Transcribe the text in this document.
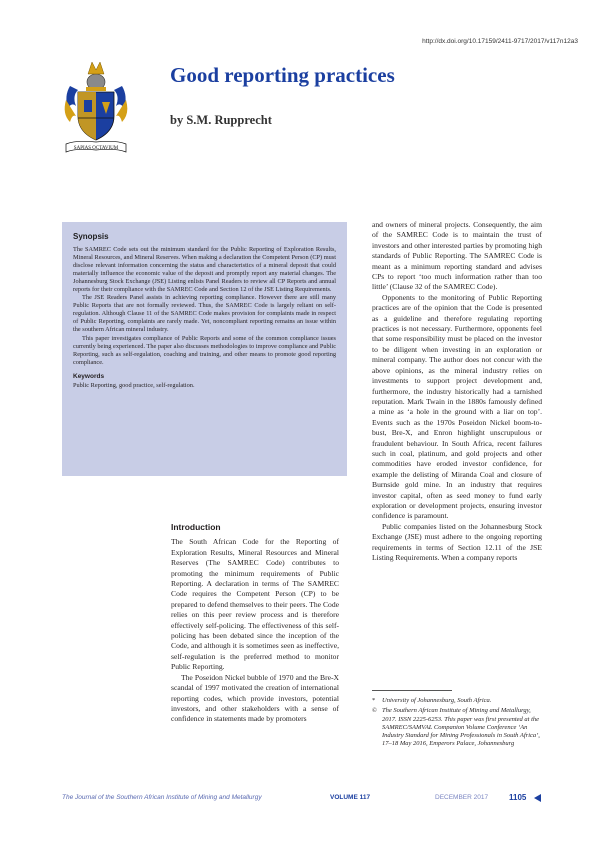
http://dx.doi.org/10.17159/2411-9717/2017/v117n12a3
SAPIAS OCTAVIUM
Good reporting practices
by S.M. Rupprecht
Synopsis

The SAMREC Code sets out the minimum standard for the Public Reporting of Exploration Results, Mineral Resources, and Mineral Reserves. When making a declaration the Competent Person (CP) must disclose relevant information concerning the status and characteristics of a mineral deposit that could materially influence the economic value of the deposit and promptly report any material changes. The Johannesburg Stock Exchange (JSE) Listing enlists Panel Readers to review all CP Reports and annual reports for their compliance with the SAMREC Code and Section 12 of the JSE Listing Requirements.

The JSE Readers Panel assists in achieving reporting compliance. However there are still many Public Reports that are not formally reviewed. Thus, the SAMREC Code is largely reliant on self-regulation. Although Clause 11 of the SAMREC Code makes provision for complaints made in respect of Public Reporting, complaints are rarely made. Yet, noncompliant reporting remains an issue within the southern African mineral industry.

This paper investigates compliance of Public Reports and some of the common compliance issues currently being experienced. The paper also discusses methodologies to improve compliance and Public Reporting, such as self-regulation, coaching and training, and other means to promote good reporting compliance.

Keywords

Public Reporting, good practice, self-regulation.

Introduction

The South African Code for the Reporting of Exploration Results, Mineral Resources and Mineral Reserves (The SAMREC Code) contributes to promoting the minimum requirements of Public Reporting. A declaration in terms of The SAMREC Code requires the Competent Person (CP) to be prepared to defend themselves to their peers. The Code relies on this peer review process and is therefore effectively self-policing. The effectiveness of this self-policing has been debated since the inception of the Code, and although it is sometimes seen as ineffective, self-regulation is the preferred method to monitor Public Reporting.

The Poseidon Nickel bubble of 1970 and the Bre-X scandal of 1997 motivated the creation of international reporting codes, which provide investors, potential investors, and other stakeholders with a sense of confidence in statements made by promoters

and owners of mineral projects. Consequently, the aim of the SAMREC Code is to maintain the trust of investors and other interested parties by promoting high standards of Public Reporting. The SAMREC Code is meant as a minimum reporting standard and advises CPs to report ‘too much information rather than too little’ (Clause 32 of the SAMREC Code).

Opponents to the monitoring of Public Reporting practices are of the opinion that the Code is presented as a guideline and therefore regulating reporting practices is not necessary. Furthermore, opponents feel that some responsibility must be placed on the investor to be diligent when investing in an exploration or mineral company. The author does not concur with the above opinions, as the mineral industry relies on investments to support project development and, furthermore, the industry historically had a tarnished reputation. Mark Twain in the 1880s famously defined a mine as ‘a hole in the ground with a liar on top’. Events such as the 1970s Poseidon Nickel boom-to-bust, Bre-X, and Enron highlight unscrupulous or fraudulent behaviour. In South Africa, recent failures such in coal, platinum, and gold projects and other commodities have eroded investor confidence, for example the delisting of Miranda Coal and closure of Burnside gold mine. In an industry that requires investor capital, often as seed money to fund early exploration or development projects, ensuring investor confidence is paramount.

Public companies listed on the Johannesburg Stock Exchange (JSE) must adhere to the ongoing reporting requirements in terms of Section 12.11 of the JSE Listing Requirements. When a company reports

* University of Johannesburg, South Africa.
© The Southern African Institute of Mining and Metallurgy, 2017. ISSN 2225-6253. This paper was first presented at the SAMREC/SAMVAL Companion Volume Conference ‘An Industry Standard for Mining Professionals in South Africa’, 17–18 May 2016, Emperors Palace, Johannesburg
The Journal of the Southern African Institute of Mining and Metallurgy	VOLUME 117	DECEMBER 2017	1105
